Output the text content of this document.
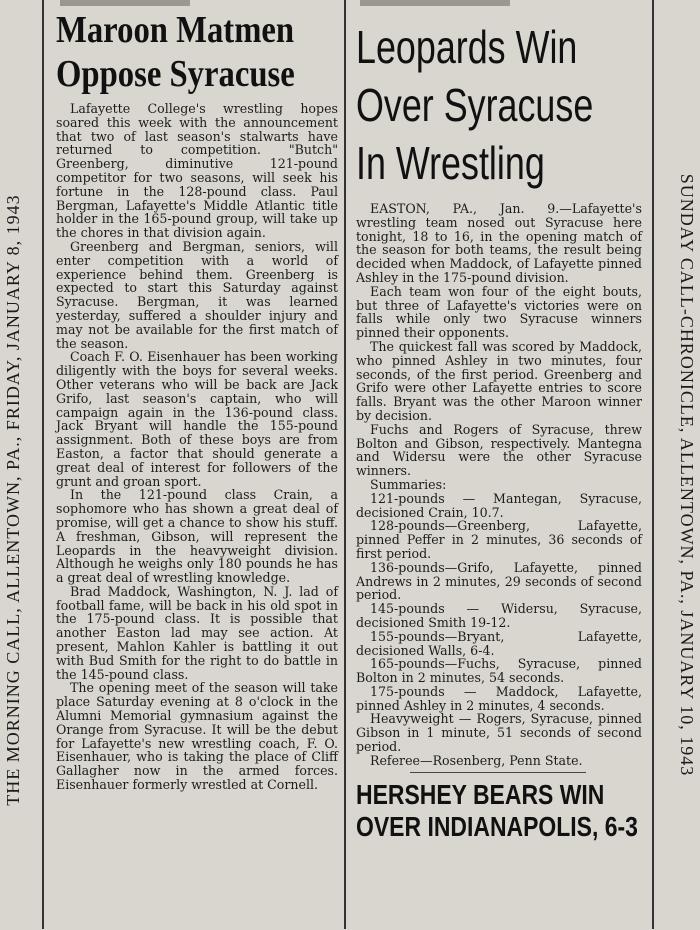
THE MORNING CALL, ALLENTOWN, PA., FRIDAY, JANUARY 8, 1943	SUNDAY CALL-CHRONICLE, ALLENTOWN, PA., JANUARY 10, 1943
Maroon Matmen
Oppose Syracuse

Lafayette College's wrestling hopes soared this week with the announcement that two of last season's stalwarts have returned to competition. "Butch" Greenberg, diminutive 121-pound competitor for two seasons, will seek his fortune in the 128-pound class. Paul Bergman, Lafayette's Middle Atlantic title holder in the 165-pound group, will take up the chores in that division again.

Greenberg and Bergman, seniors, will enter competition with a world of experience behind them. Greenberg is expected to start this Saturday against Syracuse. Bergman, it was learned yesterday, suffered a shoulder injury and may not be available for the first match of the season.

Coach F. O. Eisenhauer has been working diligently with the boys for several weeks. Other veterans who will be back are Jack Grifo, last season's captain, who will campaign again in the 136-pound class. Jack Bryant will handle the 155-pound assignment. Both of these boys are from Easton, a factor that should generate a great deal of interest for followers of the grunt and groan sport.

In the 121-pound class Crain, a sophomore who has shown a great deal of promise, will get a chance to show his stuff. A freshman, Gibson, will represent the Leopards in the heavyweight division. Although he weighs only 180 pounds he has a great deal of wrestling knowledge.

Brad Maddock, Washington, N. J. lad of football fame, will be back in his old spot in the 175-pound class. It is possible that another Easton lad may see action. At present, Mahlon Kahler is battling it out with Bud Smith for the right to do battle in the 145-pound class.

The opening meet of the season will take place Saturday evening at 8 o'clock in the Alumni Memorial gymnasium against the Orange from Syracuse. It will be the debut for Lafayette's new wrestling coach, F. O. Eisenhauer, who is taking the place of Cliff Gallagher now in the armed forces. Eisenhauer formerly wrestled at Cornell.

Leopards Win
Over Syracuse
In Wrestling

EASTON, PA., Jan. 9.—Lafayette's wrestling team nosed out Syracuse here tonight, 18 to 16, in the opening match of the season for both teams, the result being decided when Maddock, of Lafayette pinned Ashley in the 175-pound division.

Each team won four of the eight bouts, but three of Lafayette's victories were on falls while only two Syracuse winners pinned their opponents.

The quickest fall was scored by Maddock, who pinned Ashley in two minutes, four seconds, of the first period. Greenberg and Grifo were other Lafayette entries to score falls. Bryant was the other Maroon winner by decision.

Fuchs and Rogers of Syracuse, threw Bolton and Gibson, respectively. Mantegna and Widersu were the other Syracuse winners.

Summaries:

121-pounds — Mantegan, Syracuse, decisioned Crain, 10.7.

128-pounds—Greenberg, Lafayette, pinned Peffer in 2 minutes, 36 seconds of first period.

136-pounds—Grifo, Lafayette, pinned Andrews in 2 minutes, 29 seconds of second period.

145-pounds — Widersu, Syracuse, decisioned Smith 19-12.

155-pounds—Bryant, Lafayette, decisioned Walls, 6-4.

165-pounds—Fuchs, Syracuse, pinned Bolton in 2 minutes, 54 seconds.

175-pounds — Maddock, Lafayette, pinned Ashley in 2 minutes, 4 seconds.

Heavyweight — Rogers, Syracuse, pinned Gibson in 1 minute, 51 seconds of second period.

Referee—Rosenberg, Penn State.

HERSHEY BEARS WIN
OVER INDIANAPOLIS, 6-3
